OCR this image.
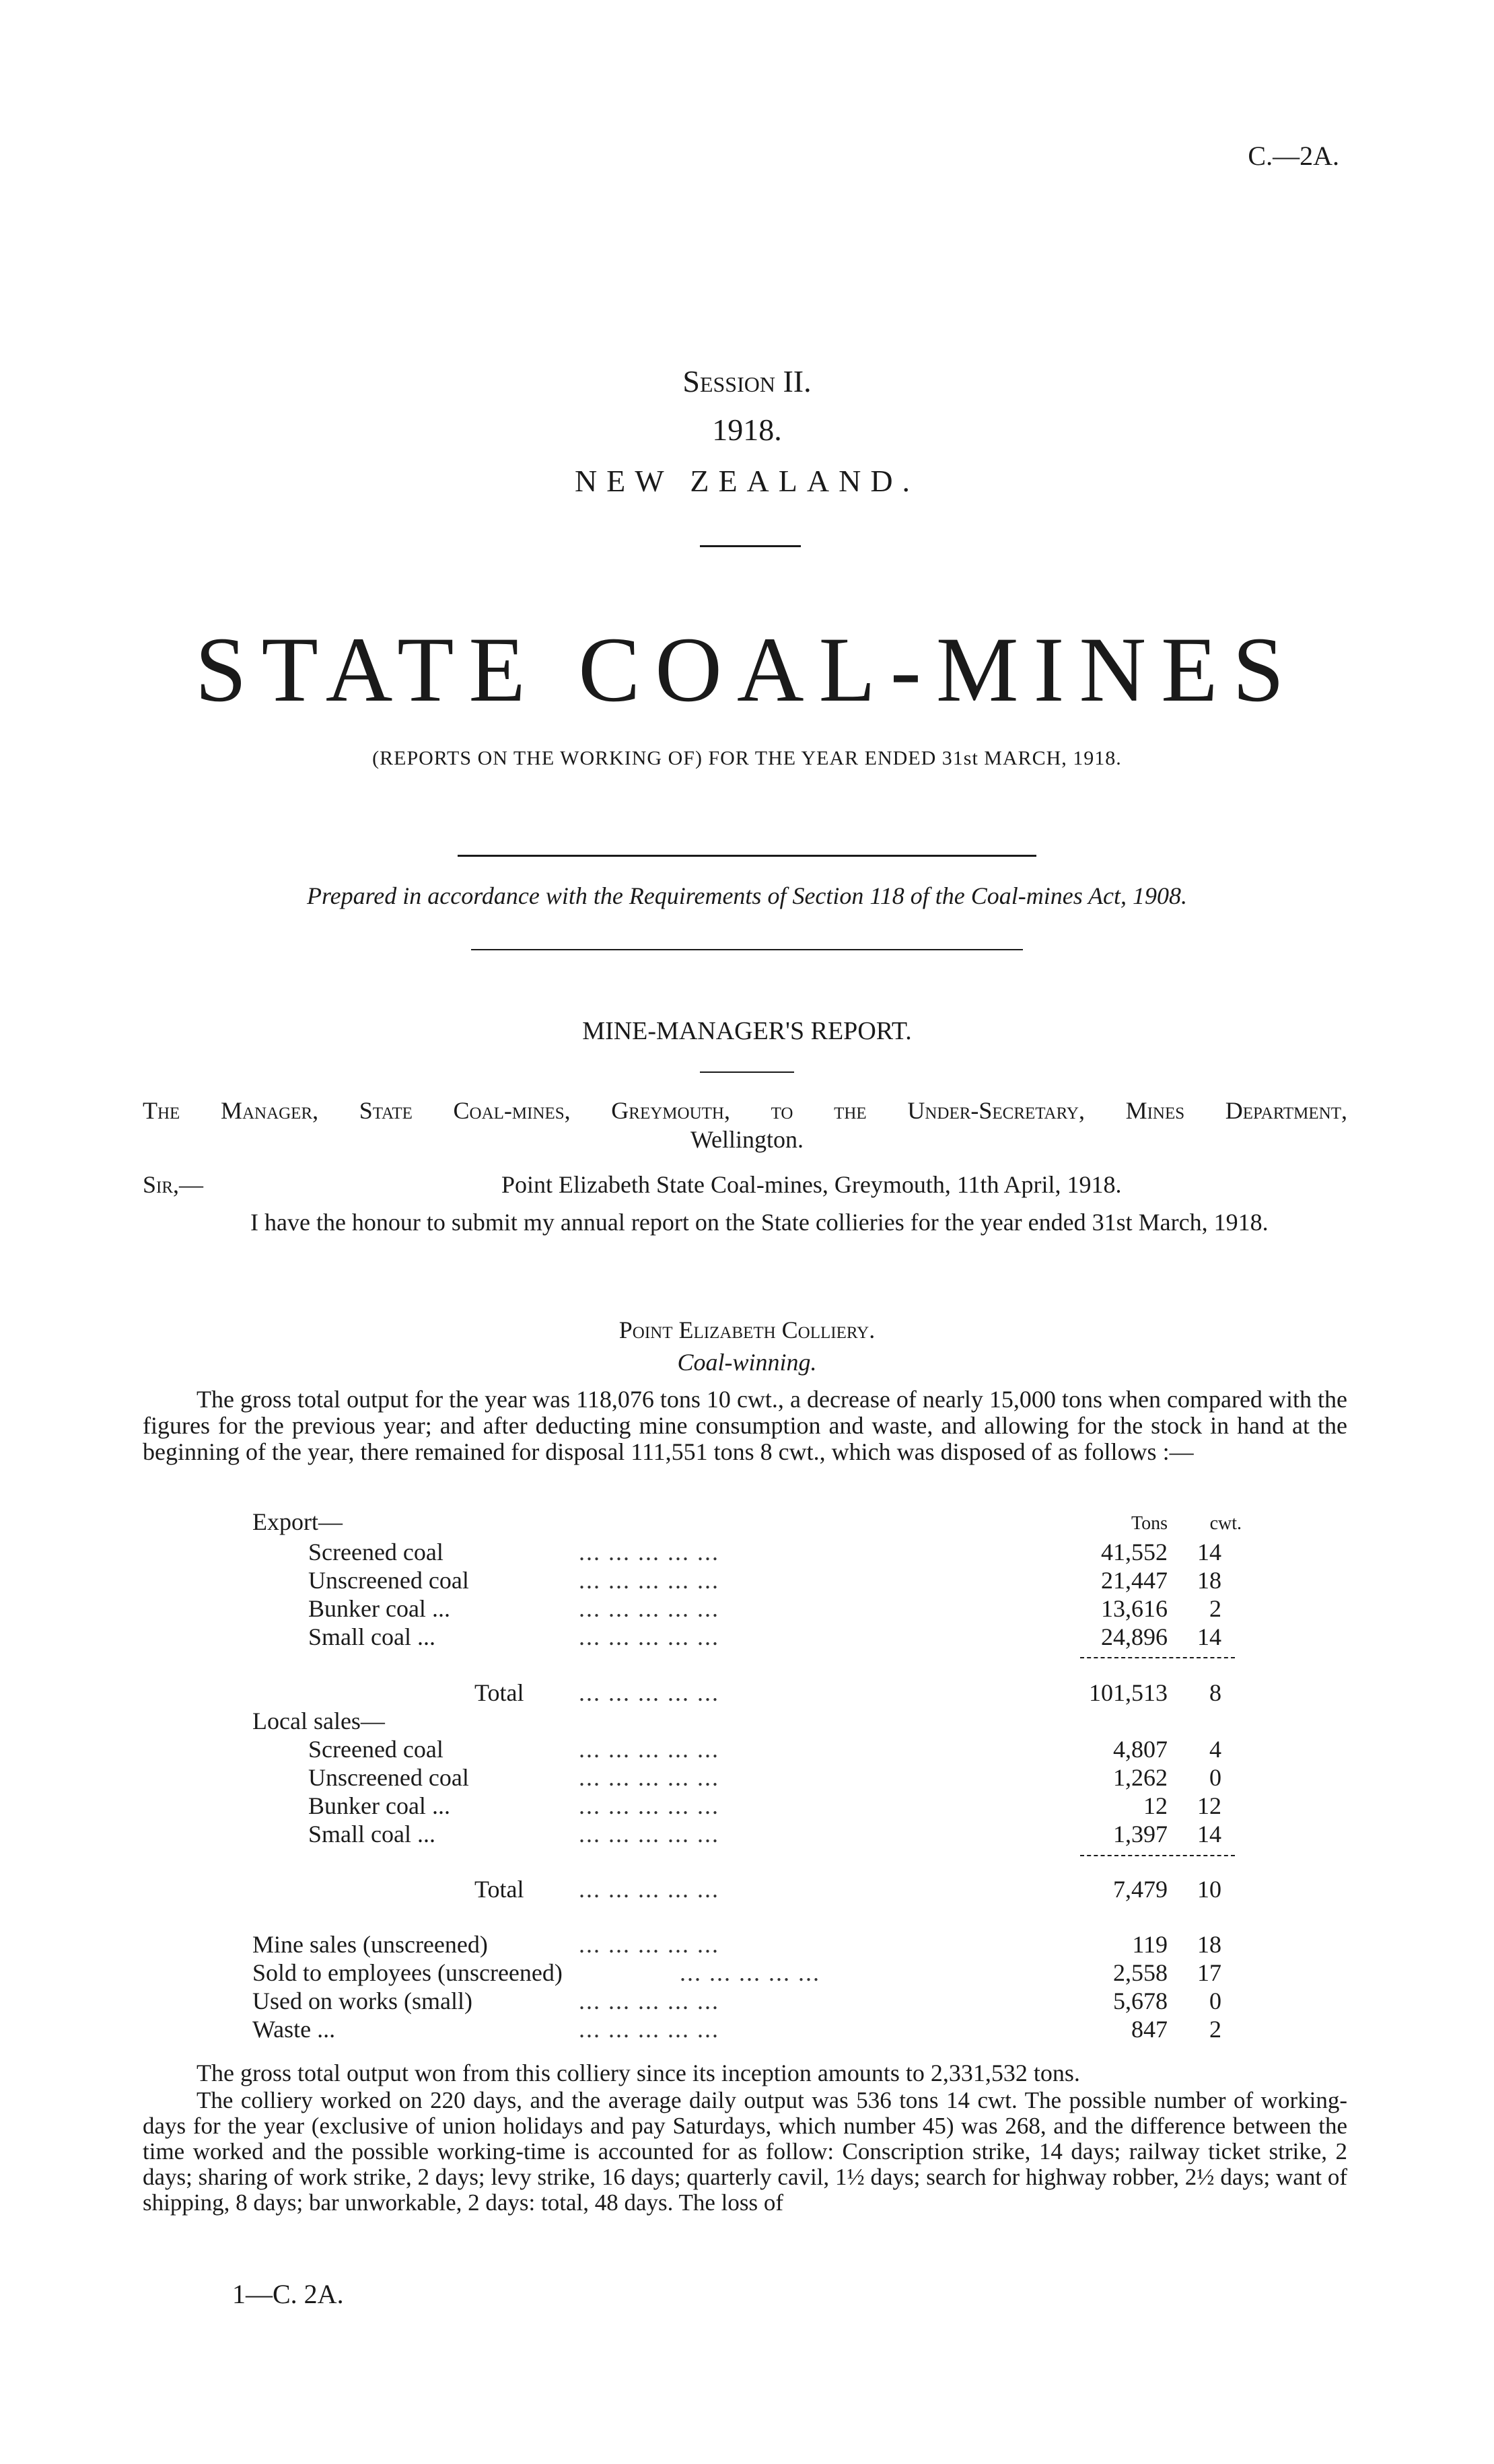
C.—2A.
Session II.
1918.
NEW ZEALAND.
STATE COAL-MINES
(REPORTS ON THE WORKING OF) FOR THE YEAR ENDED 31st MARCH, 1918.
Prepared in accordance with the Requirements of Section 118 of the Coal-mines Act, 1908.
MINE-MANAGER'S REPORT.
The Manager, State Coal-mines, Greymouth, to the Under-Secretary, Mines Department,
Wellington.
Sir,—	Point Elizabeth State Coal-mines, Greymouth, 11th April, 1918.
I have the honour to submit my annual report on the State collieries for the year ended 31st March, 1918.
Point Elizabeth Colliery.
Coal-winning.
The gross total output for the year was 118,076 tons 10 cwt., a decrease of nearly 15,000 tons when compared with the figures for the previous year; and after deducting mine consumption and waste, and allowing for the stock in hand at the beginning of the year, there remained for disposal 111,551 tons 8 cwt., which was disposed of as follows :—
Tons cwt.
Export—
Screened coal	... ... ... ... ...	41,552 14
Unscreened coal	... ... ... ... ...	21,447 18
Bunker coal ...	... ... ... ... ...	13,616 2
Small coal ...	... ... ... ... ...	24,896 14
Total ... ... ... ... ...	101,513 8
Local sales—
Screened coal	... ... ... ... ...	4,807 4
Unscreened coal	... ... ... ... ...	1,262 0
Bunker coal ...	... ... ... ... ...	12 12
Small coal ...	... ... ... ... ...	1,397 14
Total ... ... ... ... ...	7,479 10
Mine sales (unscreened)	... ... ... ... ...	119 18
Sold to employees (unscreened)	... ... ... ... ...	2,558 17
Used on works (small)	... ... ... ... ...	5,678 0
Waste ...	... ... ... ... ...	847 2
The gross total output won from this colliery since its inception amounts to 2,331,532 tons.
The colliery worked on 220 days, and the average daily output was 536 tons 14 cwt. The possible number of working-days for the year (exclusive of union holidays and pay Saturdays, which number 45) was 268, and the difference between the time worked and the possible working-time is accounted for as follow: Conscription strike, 14 days; railway ticket strike, 2 days; sharing of work strike, 2 days; levy strike, 16 days; quarterly cavil, 1½ days; search for highway robber, 2½ days; want of shipping, 8 days; bar unworkable, 2 days: total, 48 days. The loss of
1—C. 2A.
